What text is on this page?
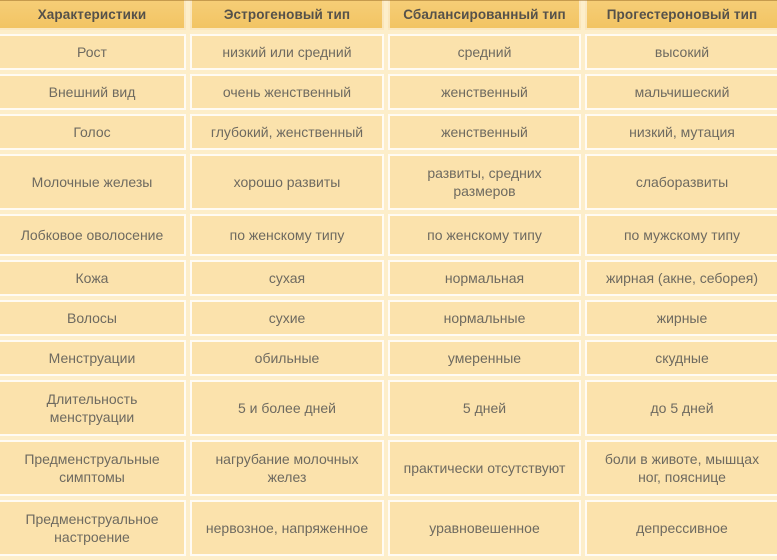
Характеристики	Эстрогеновый тип	Сбалансированный тип	Прогестероновый тип
Рост	низкий или средний	средний	высокий
Внешний вид	очень женственный	женственный	мальчишеский
Голос	глубокий, женственный	женственный	низкий, мутация
Молочные железы	хорошо развиты	развиты, средних размеров	слаборазвиты
Лобковое оволосение	по женскому типу	по женскому типу	по мужскому типу
Кожа	сухая	нормальная	жирная (акне, себорея)
Волосы	сухие	нормальные	жирные
Менструации	обильные	умеренные	скудные
Длительность менструации	5 и более дней	5 дней	до 5 дней
Предменструальные симптомы	нагрубание молочных желез	практически отсутствуют	боли в животе, мышцах ног, пояснице
Предменструальное настроение	нервозное, напряженное	уравновешенное	депрессивное
